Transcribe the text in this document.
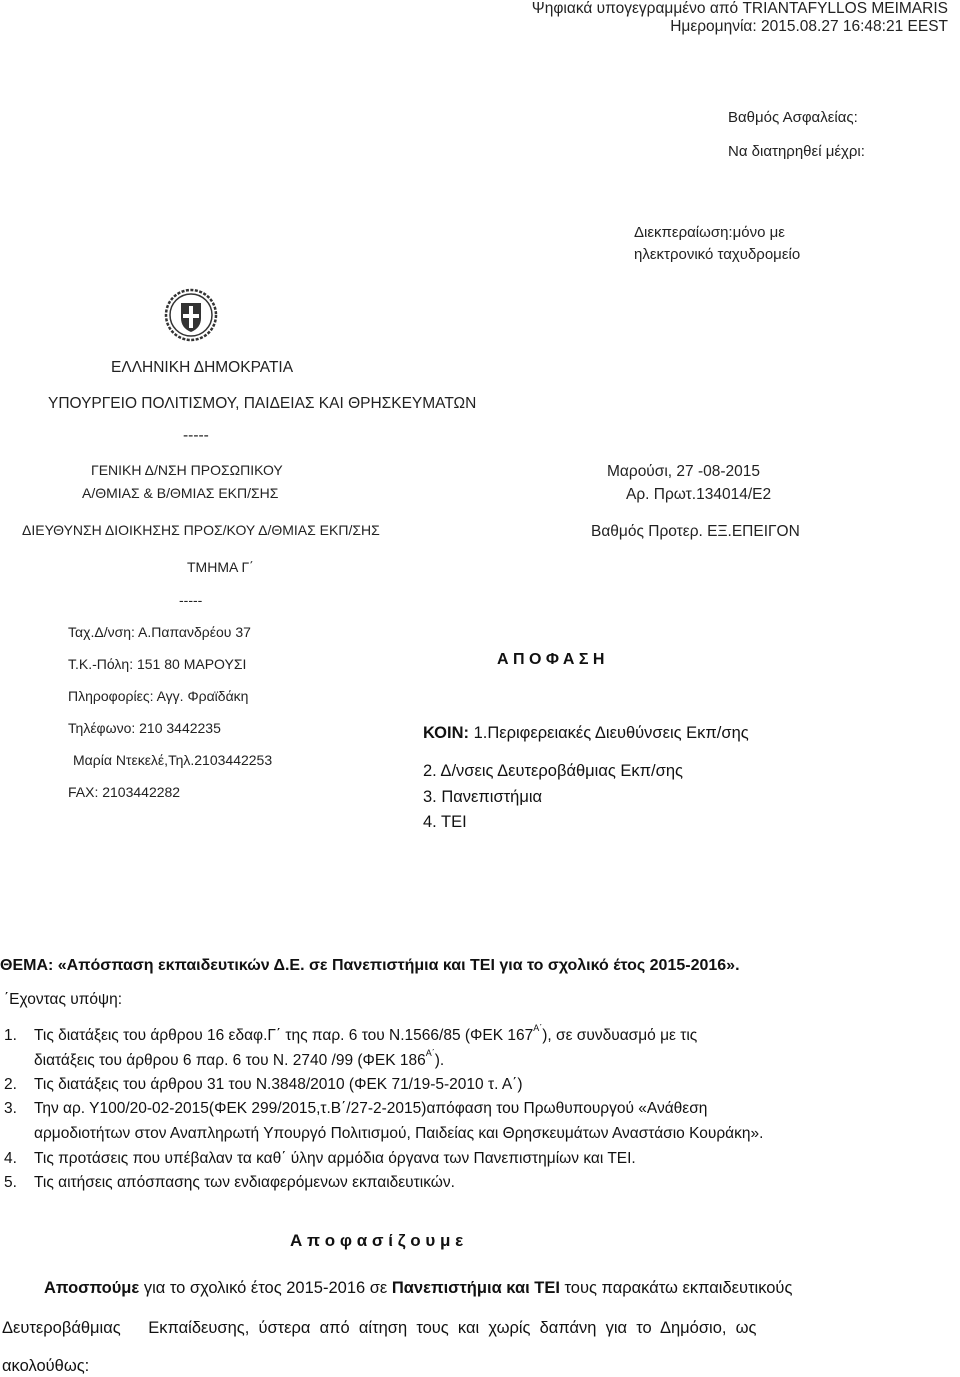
Ψηφιακά υπογεγραμμένο από TRIANTAFYLLOS MEIMARIS
Ημερομηνία: 2015.08.27 16:48:21 EEST
Βαθμός Ασφαλείας:
Να διατηρηθεί μέχρι:
Διεκπεραίωση:μόνο με
ηλεκτρονικό ταχυδρομείο
ΕΛΛΗΝΙΚΗ ΔΗΜΟΚΡΑΤΙΑ
ΥΠΟΥΡΓΕΙΟ ΠΟΛΙΤΙΣΜΟΥ, ΠΑΙΔΕΙΑΣ ΚΑΙ ΘΡΗΣΚΕΥΜΑΤΩΝ
-----
ΓΕΝΙΚΗ Δ/ΝΣΗ ΠΡΟΣΩΠΙΚΟΥ
Α/ΘΜΙΑΣ & Β/ΘΜΙΑΣ ΕΚΠ/ΣΗΣ
ΔΙΕΥΘΥΝΣΗ ΔΙΟΙΚΗΣΗΣ ΠΡΟΣ/ΚΟΥ Δ/ΘΜΙΑΣ ΕΚΠ/ΣΗΣ
ΤΜΗΜΑ Γ΄
-----
Ταχ.Δ/νση: Α.Παπανδρέου 37
Τ.Κ.-Πόλη: 151 80 ΜΑΡΟΥΣΙ
Πληροφορίες: Αγγ. Φραϊδάκη
Τηλέφωνο: 210 3442235
Μαρία Ντεκελέ,Τηλ.2103442253
FAX: 2103442282
Μαρούσι, 27 -08-2015
Αρ. Πρωτ.134014/Ε2
Βαθμός Προτερ. ΕΞ.ΕΠΕΙΓΟΝ
Α Π Ο Φ Α Σ Η
ΚΟΙΝ: 1.Περιφερειακές Διευθύνσεις Εκπ/σης
2. Δ/νσεις Δευτεροβάθμιας Εκπ/σης
3. Πανεπιστήμια
4. ΤΕΙ
ΘΕΜΑ: «Απόσπαση εκπαιδευτικών Δ.Ε. σε Πανεπιστήμια και ΤΕΙ για το σχολικό έτος 2015-2016».
΄Εχοντας υπόψη:
1. Τις διατάξεις του άρθρου 16 εδαφ.Γ΄ της παρ. 6 του Ν.1566/85 (ΦΕΚ $167^{A΄}$), σε συνδυασμό με τις
διατάξεις του άρθρου 6 παρ. 6 του Ν. 2740 /99 (ΦΕΚ $186^{A΄}$).
2. Τις διατάξεις του άρθρου 31 του Ν.3848/2010 (ΦΕΚ 71/19-5-2010 τ. Α΄)
3. Την αρ. Υ100/20-02-2015(ΦΕΚ 299/2015,τ.Β΄/27-2-2015)απόφαση του Πρωθυπουργού «Ανάθεση
αρμοδιοτήτων στον Αναπληρωτή Υπουργό Πολιτισμού, Παιδείας και Θρησκευμάτων Αναστάσιο Κουράκη».
4. Τις προτάσεις που υπέβαλαν τα καθ΄ ύλην αρμόδια όργανα των Πανεπιστημίων και ΤΕΙ.
5. Τις αιτήσεις απόσπασης των ενδιαφερόμενων εκπαιδευτικών.
Α π ο φ α σ ί ζ ο υ μ ε
Αποσπούμε για το σχολικό έτος 2015-2016 σε Πανεπιστήμια και ΤΕΙ τους παρακάτω εκπαιδευτικούς
Δευτεροβάθμιας      Εκπαίδευσης,  ύστερα  από  αίτηση  τους  και  χωρίς  δαπάνη  για  το  Δημόσιο,  ως
ακολούθως:
